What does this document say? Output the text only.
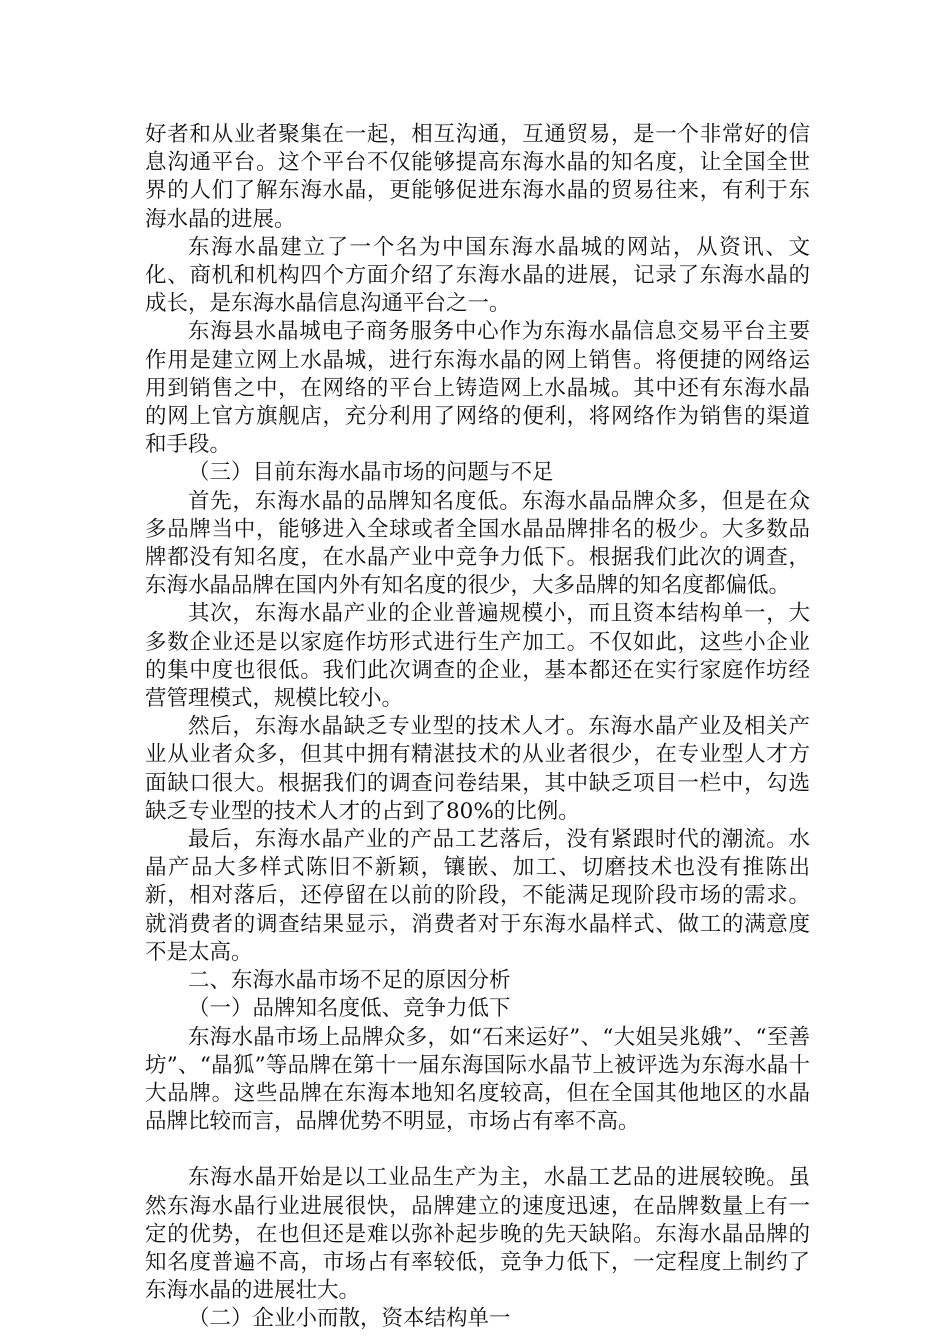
好者和从业者聚集在一起，相互沟通，互通贸易，是一个非常好的信息沟通平台。这个平台不仅能够提高东海水晶的知名度，让全国全世界的人们了解东海水晶，更能够促进东海水晶的贸易往来，有利于东海水晶的进展。

东海水晶建立了一个名为中国东海水晶城的网站，从资讯、文化、商机和机构四个方面介绍了东海水晶的进展，记录了东海水晶的成长，是东海水晶信息沟通平台之一。

东海县水晶城电子商务服务中心作为东海水晶信息交易平台主要作用是建立网上水晶城，进行东海水晶的网上销售。将便捷的网络运用到销售之中，在网络的平台上铸造网上水晶城。其中还有东海水晶的网上官方旗舰店，充分利用了网络的便利，将网络作为销售的渠道和手段。

（三）目前东海水晶市场的问题与不足

首先，东海水晶的品牌知名度低。东海水晶品牌众多，但是在众多品牌当中，能够进入全球或者全国水晶品牌排名的极少。大多数品牌都没有知名度，在水晶产业中竞争力低下。根据我们此次的调查，东海水晶品牌在国内外有知名度的很少，大多品牌的知名度都偏低。

其次，东海水晶产业的企业普遍规模小，而且资本结构单一，大多数企业还是以家庭作坊形式进行生产加工。不仅如此，这些小企业的集中度也很低。我们此次调查的企业，基本都还在实行家庭作坊经营管理模式，规模比较小。

然后，东海水晶缺乏专业型的技术人才。东海水晶产业及相关产业从业者众多，但其中拥有精湛技术的从业者很少，在专业型人才方面缺口很大。根据我们的调查问卷结果，其中缺乏项目一栏中，勾选缺乏专业型的技术人才的占到了80%的比例。

最后，东海水晶产业的产品工艺落后，没有紧跟时代的潮流。水晶产品大多样式陈旧不新颖，镶嵌、加工、切磨技术也没有推陈出新，相对落后，还停留在以前的阶段，不能满足现阶段市场的需求。就消费者的调查结果显示，消费者对于东海水晶样式、做工的满意度不是太高。

二、东海水晶市场不足的原因分析

（一）品牌知名度低、竞争力低下

东海水晶市场上品牌众多，如“石来运好”、“大姐吴兆娥”、“至善坊”、“晶狐”等品牌在第十一届东海国际水晶节上被评选为东海水晶十大品牌。这些品牌在东海本地知名度较高，但在全国其他地区的水晶品牌比较而言，品牌优势不明显，市场占有率不高。

东海水晶开始是以工业品生产为主，水晶工艺品的进展较晚。虽然东海水晶行业进展很快，品牌建立的速度迅速，在品牌数量上有一定的优势，在也但还是难以弥补起步晚的先天缺陷。东海水晶品牌的知名度普遍不高，市场占有率较低，竞争力低下，一定程度上制约了东海水晶的进展壮大。

（二）企业小而散，资本结构单一
